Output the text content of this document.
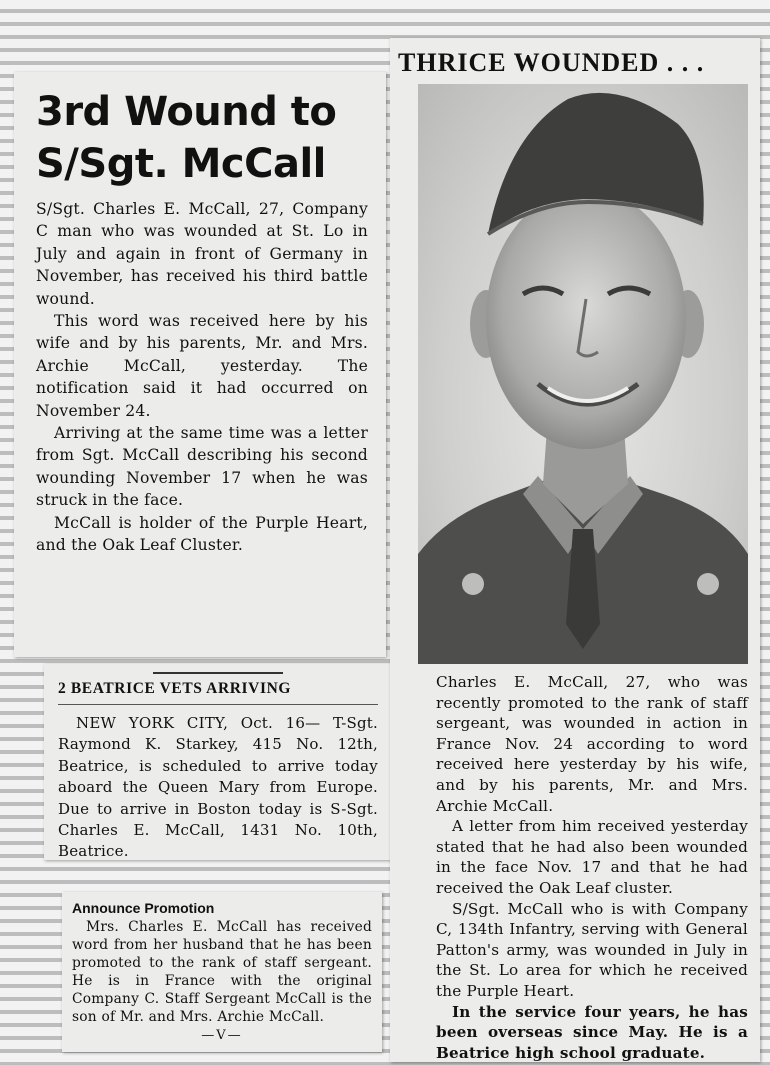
3rd Wound to
S/Sgt. McCall

S/Sgt. Charles E. McCall, 27, Company C man who was wounded at St. Lo in July and again in front of Germany in November, has received his third battle wound.

This word was received here by his wife and by his parents, Mr. and Mrs. Archie McCall, yesterday. The notification said it had occurred on November 24.

Arriving at the same time was a letter from Sgt. McCall describing his second wounding November 17 when he was struck in the face.

McCall is holder of the Purple Heart, and the Oak Leaf Cluster.

2 BEATRICE VETS ARRIVING

NEW YORK CITY, Oct. 16— T-Sgt. Raymond K. Starkey, 415 No. 12th, Beatrice, is scheduled to arrive today aboard the Queen Mary from Europe. Due to arrive in Boston today is S-Sgt. Charles E. McCall, 1431 No. 10th, Beatrice.

Announce Promotion

Mrs. Charles E. McCall has received word from her husband that he has been promoted to the rank of staff sergeant. He is in France with the original Company C. Staff Sergeant McCall is the son of Mr. and Mrs. Archie McCall.

—V—
THRICE WOUNDED . . .

Charles E. McCall, 27, who was recently promoted to the rank of staff sergeant, was wounded in action in France Nov. 24 according to word received here yesterday by his wife, and by his parents, Mr. and Mrs. Archie McCall.

A letter from him received yesterday stated that he had also been wounded in the face Nov. 17 and that he had received the Oak Leaf cluster.

S/Sgt. McCall who is with Company C, 134th Infantry, serving with General Patton's army, was wounded in July in the St. Lo area for which he received the Purple Heart.

In the service four years, he has been overseas since May. He is a Beatrice high school graduate.
